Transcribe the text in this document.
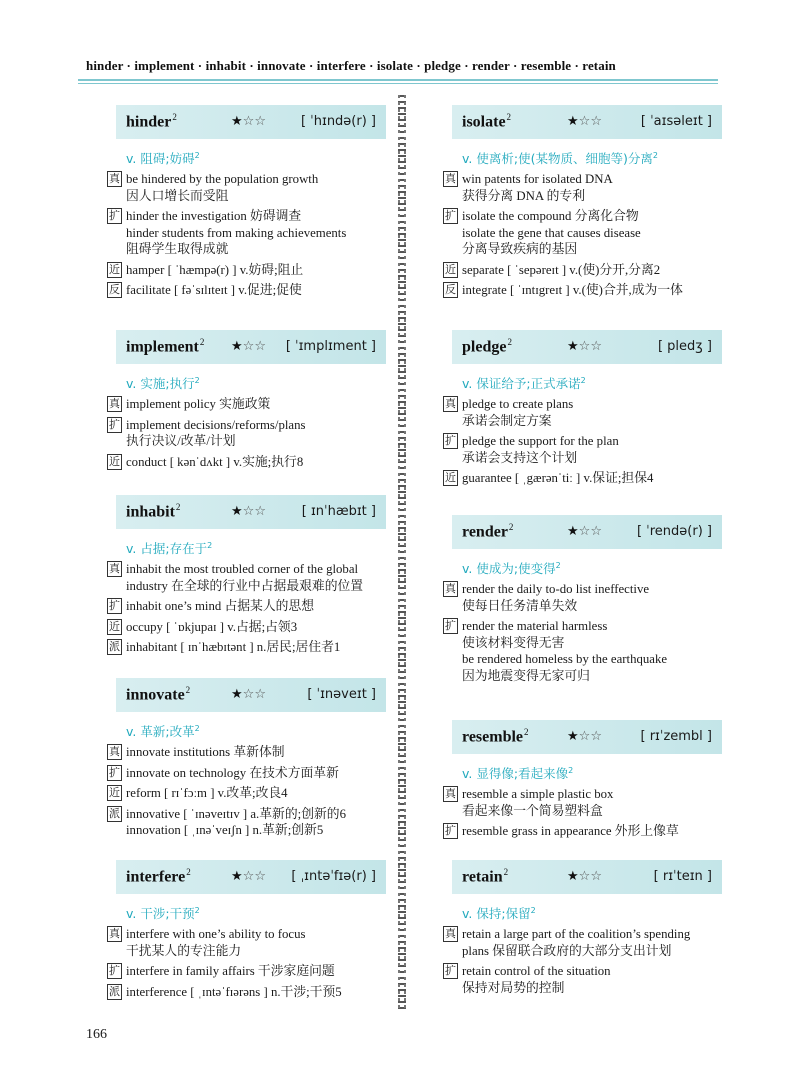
hinder · implement · inhabit · innovate · interfere · isolate · pledge · render · resemble · retain
hinder$^2$	★☆☆	[ ˈhɪndə(r) ]
v. 阻碍;妨碍$^2$
真 be hindered by the population growth
因人口增长而受阻
扩 hinder the investigation 妨碍调查
hinder students from making achievements
阻碍学生取得成就
近 hamper [ ˈhæmpə(r) ] v.妨碍;阻止
反 facilitate [ fəˈsɪlɪteɪt ] v.促进;促使
implement$^2$ ★☆☆ [ ˈɪmplɪment ]
v. 实施;执行$^2$
真 implement policy 实施政策
扩 implement decisions/reforms/plans
执行决议/改革/计划
近 conduct [ kənˈdʌkt ] v.实施;执行8
inhabit$^2$	★☆☆	[ ɪnˈhæbɪt ]
v. 占据;存在于$^2$
真 inhabit the most troubled corner of the global
industry 在全球的行业中占据最艰难的位置
扩 inhabit one’s mind 占据某人的思想
近 occupy [ ˈɒkjupaɪ ] v.占据;占领3
派 inhabitant [ ɪnˈhæbɪtənt ] n.居民;居住者1
innovate$^2$	★☆☆	[ ˈɪnəveɪt ]
v. 革新;改革$^2$
真 innovate institutions 革新体制
扩 innovate on technology 在技术方面革新
近 reform [ rɪˈfɔːm ] v.改革;改良4
派 innovative [ ˈɪnəveɪtɪv ] a.革新的;创新的6
innovation [ ˌɪnəˈveɪʃn ] n.革新;创新5
interfere$^2$	★☆☆ [ ˌɪntəˈfɪə(r) ]
v. 干涉;干预$^2$
真 interfere with one’s ability to focus
干扰某人的专注能力
扩 interfere in family affairs 干涉家庭问题
派 interference [ ˌɪntəˈfɪərəns ] n.干涉;干预5
isolate$^2$	★☆☆	[ ˈaɪsəleɪt ]
v. 使离析;使(某物质、细胞等)分离$^2$
真 win patents for isolated DNA
获得分离 DNA 的专利
扩 isolate the compound 分离化合物
isolate the gene that causes disease
分离导致疾病的基因
近 separate [ ˈsepəreɪt ] v.(使)分开,分离2
反 integrate [ ˈɪntɪgreɪt ] v.(使)合并,成为一体
pledge$^2$	★☆☆	[ pledʒ ]
v. 保证给予;正式承诺$^2$
真 pledge to create plans
承诺会制定方案
扩 pledge the support for the plan
承诺会支持这个计划
近 guarantee [ ˌgærənˈtiː ] v.保证;担保4
render$^2$	★☆☆	[ ˈrendə(r) ]
v. 使成为;使变得$^2$
真 render the daily to-do list ineffective
使每日任务清单失效
扩 render the material harmless
使该材料变得无害
be rendered homeless by the earthquake
因为地震变得无家可归
resemble$^2$	★☆☆	[ rɪˈzembl ]
v. 显得像;看起来像$^2$
真 resemble a simple plastic box
看起来像一个简易塑料盒
扩 resemble grass in appearance 外形上像草
retain$^2$	★☆☆	[ rɪˈteɪn ]
v. 保持;保留$^2$
真 retain a large part of the coalition’s spending
plans 保留联合政府的大部分支出计划
扩 retain control of the situation
保持对局势的控制
166
